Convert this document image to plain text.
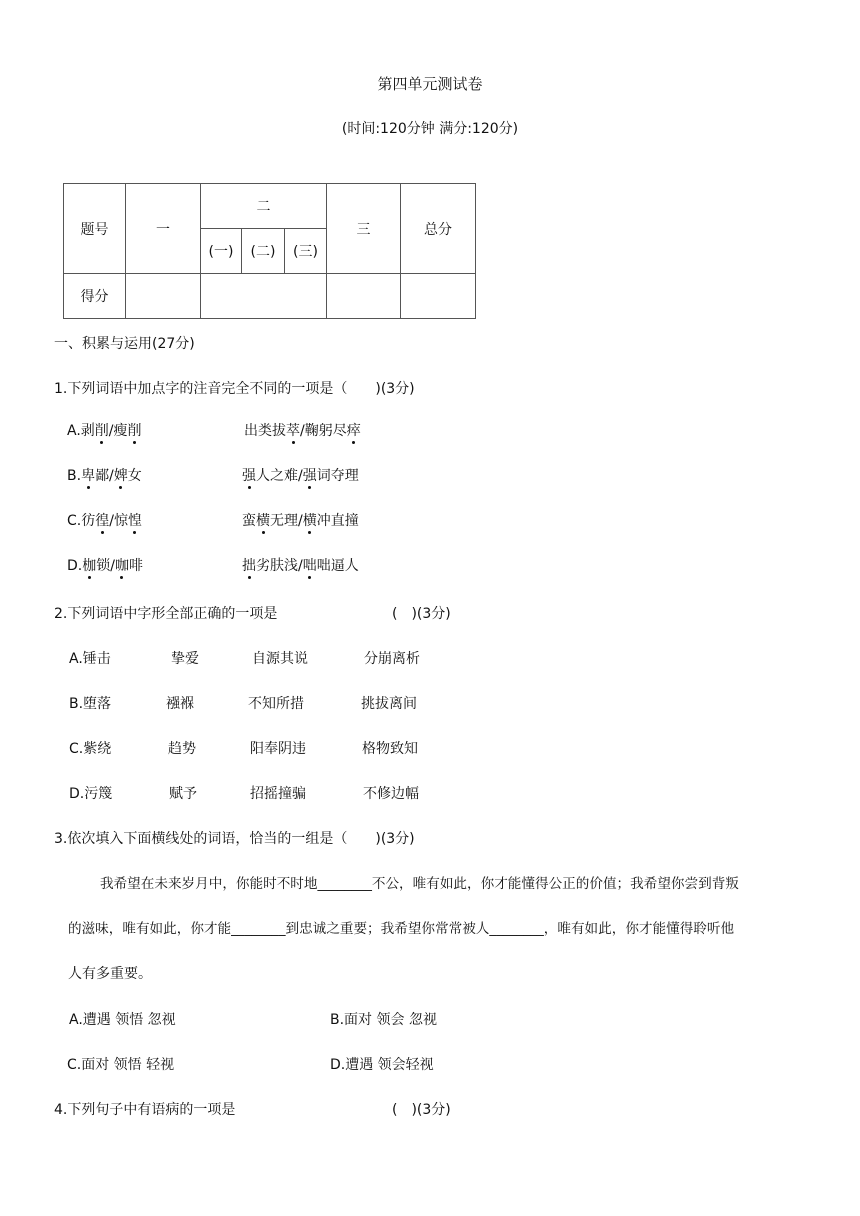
第四单元测试卷
(时间:120分钟 满分:120分)
题号	一	二			三	总分
		(一)	(二)	(三)		
得分						
一、积累与运用(27分)
1.下列词语中加点字的注音完全不同的一项是（　　)(3分)
A.剥削/瘦削	出类拔萃/鞠躬尽瘁
B.卑鄙/婢女	强人之难/强词夺理
C.彷徨/惊惶	蛮横无理/横冲直撞
D.枷锁/咖啡	拙劣肤浅/咄咄逼人
2.下列词语中字形全部正确的一项是	(　)(3分)
A.锤击	挚爱	自源其说	分崩离析
B.堕落	襁褓	不知所措	挑拔离间
C.紫绕	趋势	阳奉阴违	格物致知
D.污篾	赋予	招摇撞骗	不修边幅
3.依次填入下面横线处的词语，恰当的一组是（　　)(3分)
我希望在未来岁月中，你能时不时地________不公，唯有如此，你才能懂得公正的价值；我希望你尝到背叛
的滋味，唯有如此，你才能________到忠诚之重要；我希望你常常被人________，唯有如此，你才能懂得聆听他
人有多重要。
A.遭遇 领悟 忽视	B.面对 领会 忽视
C.面对 领悟 轻视	D.遭遇 领会轻视
4.下列句子中有语病的一项是	(　)(3分)
